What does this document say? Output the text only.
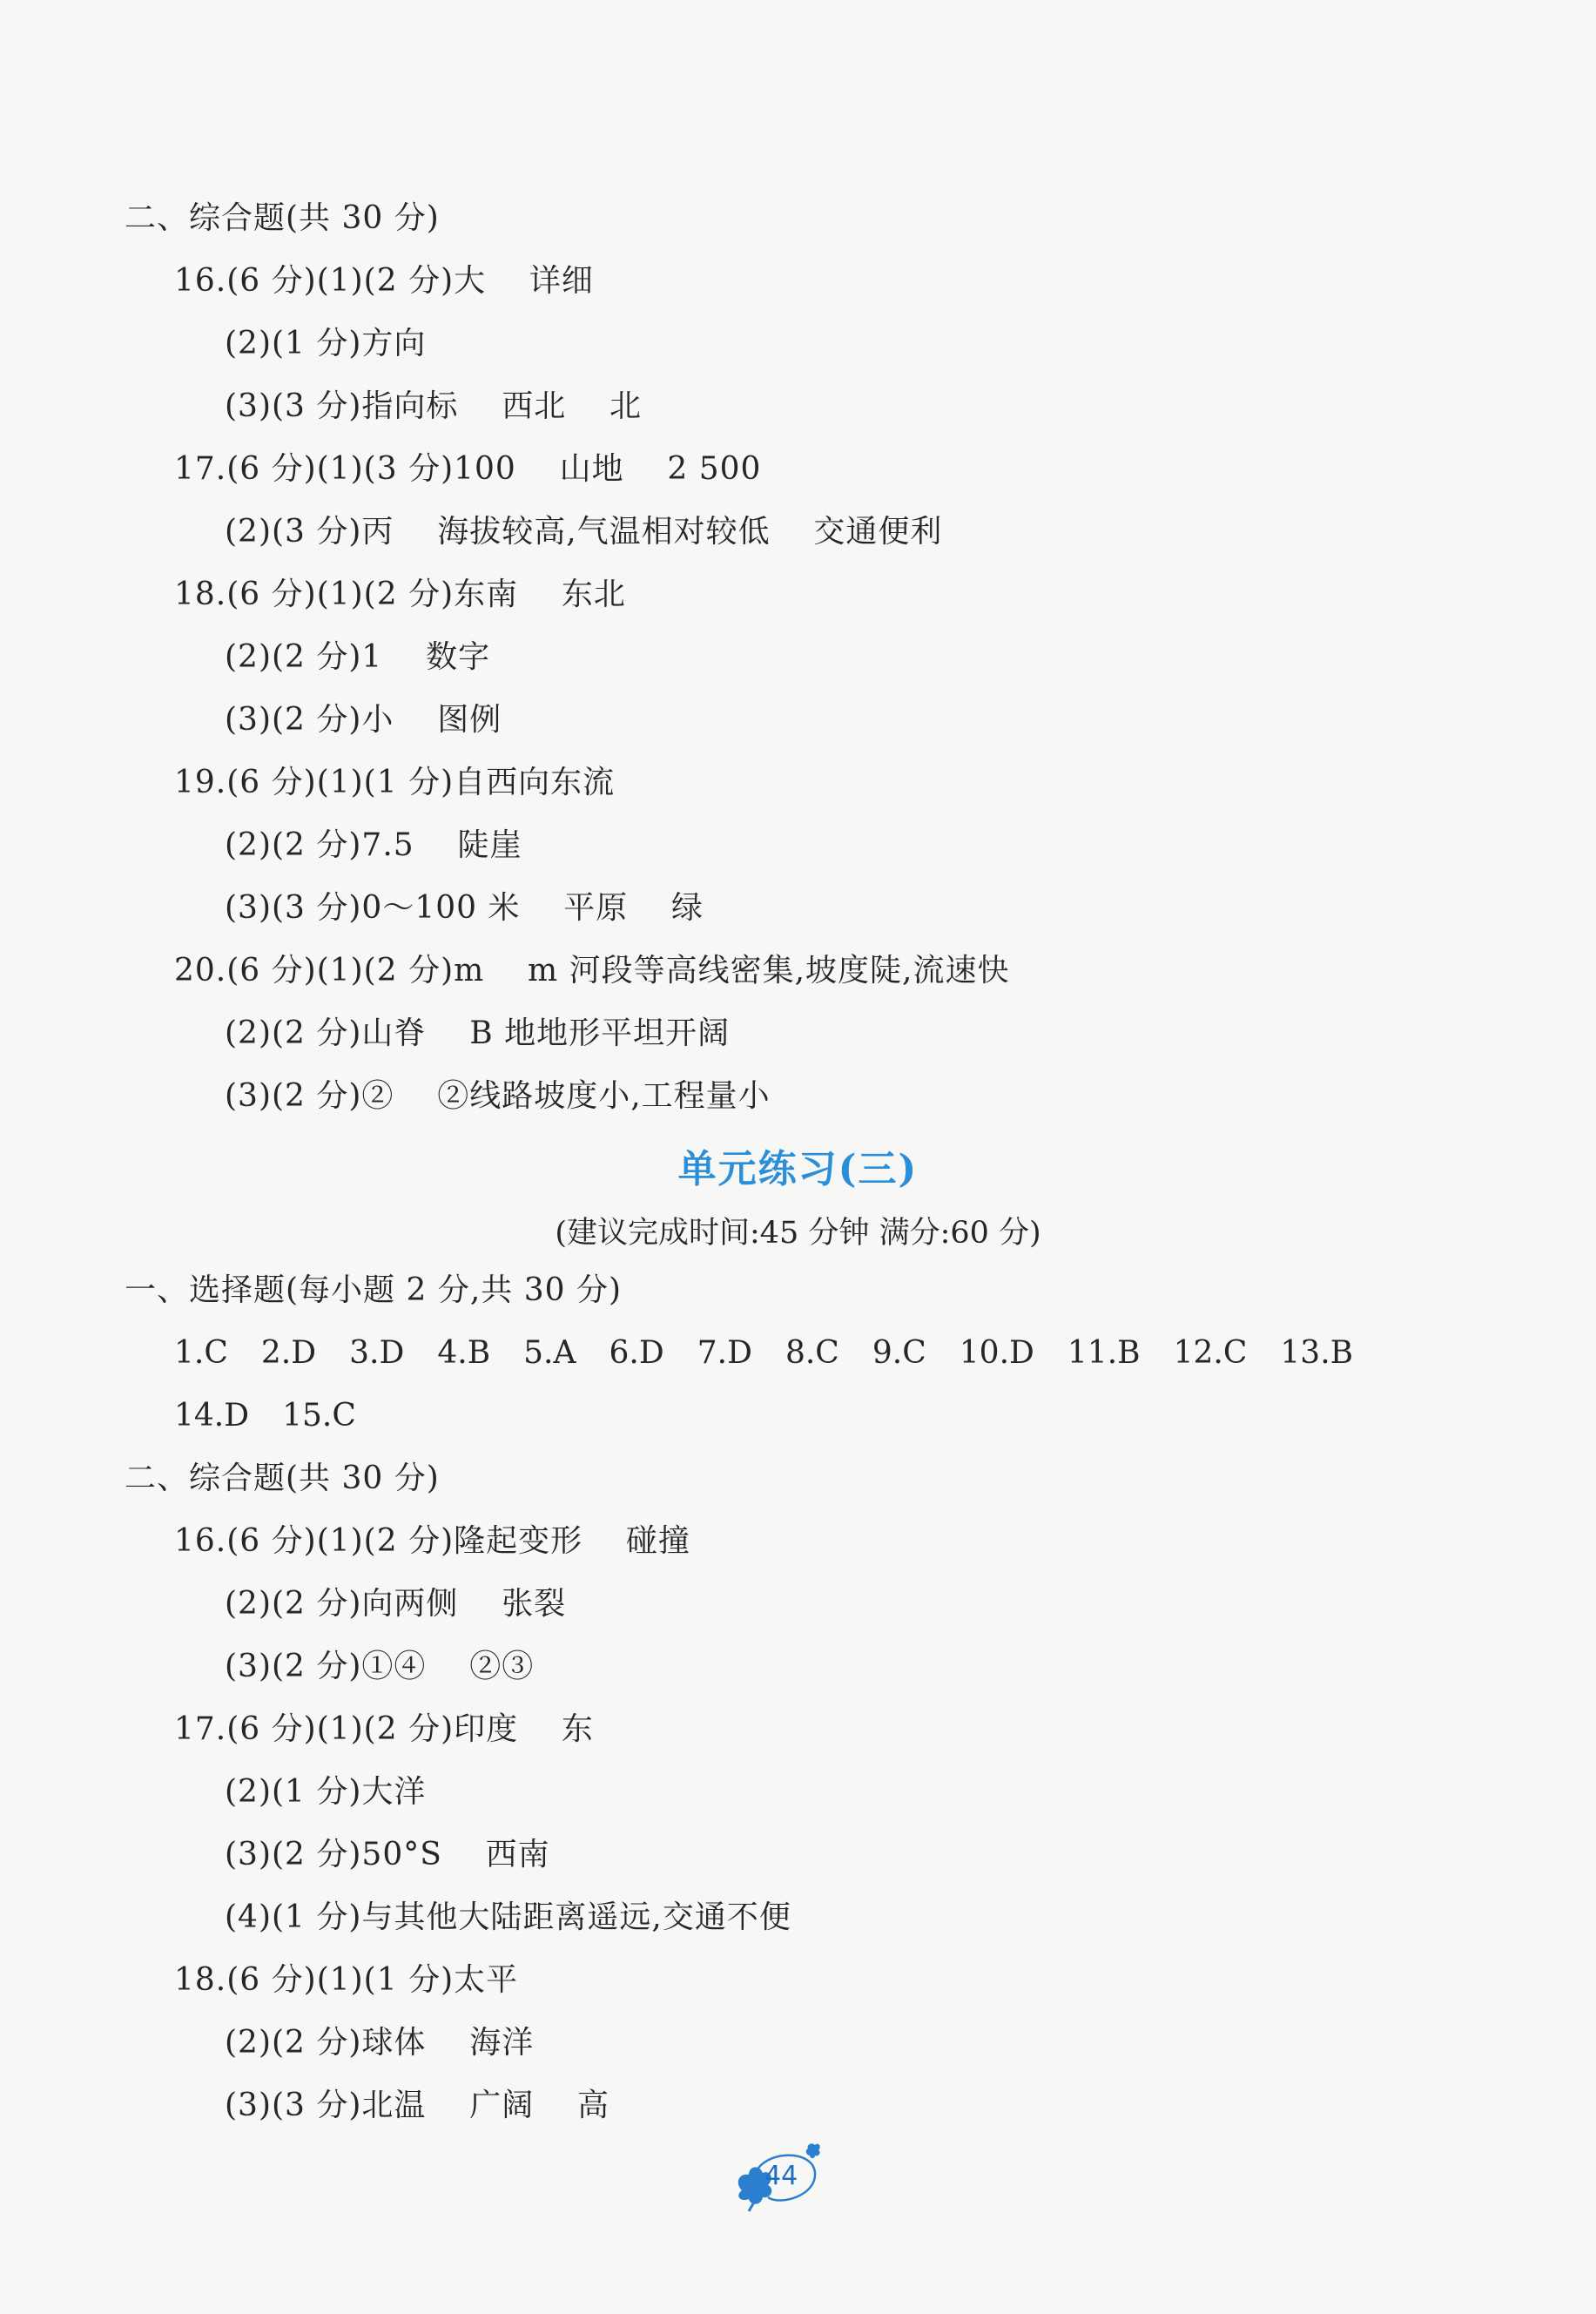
二、综合题(共 30 分)
16.(6 分)(1)(2 分)大    详细
(2)(1 分)方向
(3)(3 分)指向标    西北    北
17.(6 分)(1)(3 分)100    山地    2 500
(2)(3 分)丙    海拔较高,气温相对较低    交通便利
18.(6 分)(1)(2 分)东南    东北
(2)(2 分)1    数字
(3)(2 分)小    图例
19.(6 分)(1)(1 分)自西向东流
(2)(2 分)7.5    陡崖
(3)(3 分)0～100 米    平原    绿
20.(6 分)(1)(2 分)m    m 河段等高线密集,坡度陡,流速快
(2)(2 分)山脊    B 地地形平坦开阔
(3)(2 分)②    ②线路坡度小,工程量小
单元练习(三)
(建议完成时间:45 分钟 满分:60 分)
一、选择题(每小题 2 分,共 30 分)
1.C 2.D 3.D 4.B 5.A 6.D 7.D 8.C 9.C 10.D 11.B 12.C 13.B
14.D 15.C
二、综合题(共 30 分)
16.(6 分)(1)(2 分)隆起变形    碰撞
(2)(2 分)向两侧    张裂
(3)(2 分)①④    ②③
17.(6 分)(1)(2 分)印度    东
(2)(1 分)大洋
(3)(2 分)50°S    西南
(4)(1 分)与其他大陆距离遥远,交通不便
18.(6 分)(1)(1 分)太平
(2)(2 分)球体    海洋
(3)(3 分)北温    广阔    高
44
